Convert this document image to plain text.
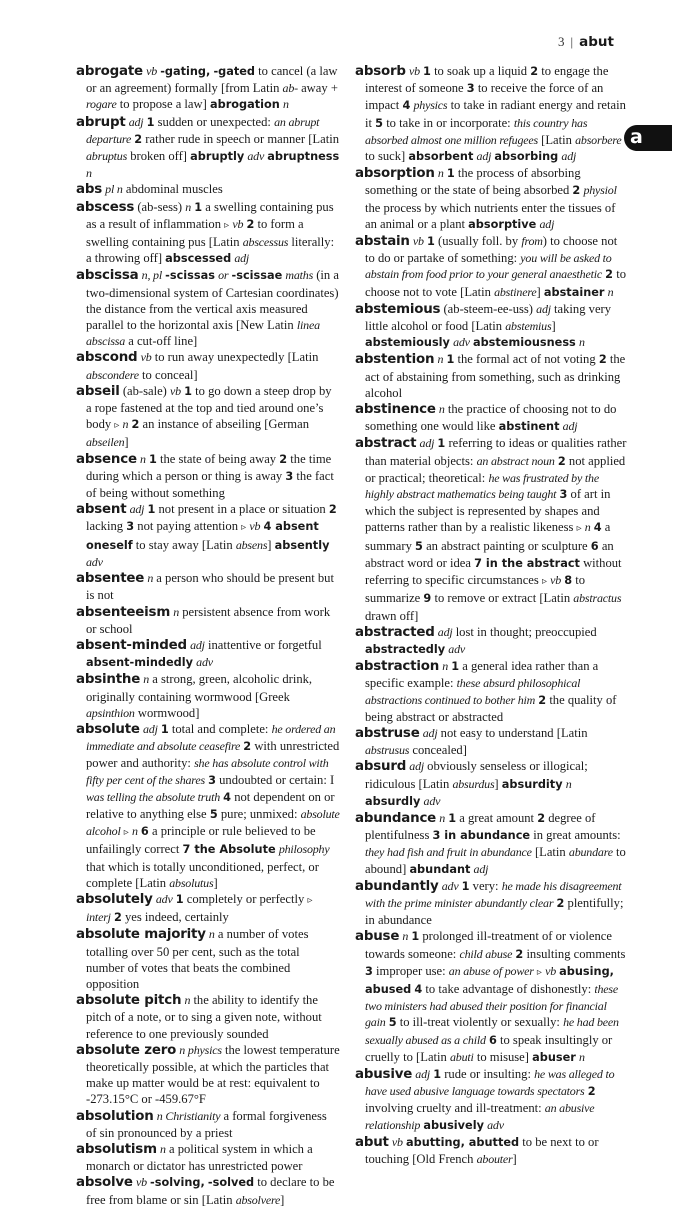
3 | abut
a

abrogate vb -gating, -gated to cancel (a law or an agreement) formally [from Latin ab- away + rogare to propose a law] abrogation n

abrupt adj 1 sudden or unexpected: an abrupt departure 2 rather rude in speech or manner [Latin abruptus broken off] abruptly adv abruptness n

abs pl n abdominal muscles

abscess (ab-sess) n 1 a swelling containing pus as a result of inflammation ▹ vb 2 to form a swelling containing pus [Latin abscessus literally: a throwing off] abscessed adj

abscissa n, pl -scissas or -scissae maths (in a two-dimensional system of Cartesian coordinates) the distance from the vertical axis measured parallel to the horizontal axis [New Latin linea abscissa a cut-off line]

abscond vb to run away unexpectedly [Latin abscondere to conceal]

abseil (ab-sale) vb 1 to go down a steep drop by a rope fastened at the top and tied around one’s body ▹ n 2 an instance of abseiling [German abseilen]

absence n 1 the state of being away 2 the time during which a person or thing is away 3 the fact of being without something

absent adj 1 not present in a place or situation 2 lacking 3 not paying attention ▹ vb 4 absent oneself to stay away [Latin absens] absently adv

absentee n a person who should be present but is not

absenteeism n persistent absence from work or school

absent-minded adj inattentive or forgetful absent-mindedly adv

absinthe n a strong, green, alcoholic drink, originally containing wormwood [Greek apsinthion wormwood]

absolute adj 1 total and complete: he ordered an immediate and absolute ceasefire 2 with unrestricted power and authority: she has absolute control with fifty per cent of the shares 3 undoubted or certain: I was telling the absolute truth 4 not dependent on or relative to anything else 5 pure; unmixed: absolute alcohol ▹ n 6 a principle or rule believed to be unfailingly correct 7 the Absolute philosophy that which is totally unconditioned, perfect, or complete [Latin absolutus]

absolutely adv 1 completely or perfectly ▹ interj 2 yes indeed, certainly

absolute majority n a number of votes totalling over 50 per cent, such as the total number of votes that beats the combined opposition

absolute pitch n the ability to identify the pitch of a note, or to sing a given note, without reference to one previously sounded

absolute zero n physics the lowest temperature theoretically possible, at which the particles that make up matter would be at rest: equivalent to -273.15°C or -459.67°F

absolution n Christianity a formal forgiveness of sin pronounced by a priest

absolutism n a political system in which a monarch or dictator has unrestricted power

absolve vb -solving, -solved to declare to be free from blame or sin [Latin absolvere]

absorb vb 1 to soak up a liquid 2 to engage the interest of someone 3 to receive the force of an impact 4 physics to take in radiant energy and retain it 5 to take in or incorporate: this country has absorbed almost one million refugees [Latin absorbere to suck] absorbent adj absorbing adj

absorption n 1 the process of absorbing something or the state of being absorbed 2 physiol the process by which nutrients enter the tissues of an animal or a plant absorptive adj

abstain vb 1 (usually foll. by from) to choose not to do or partake of something: you will be asked to abstain from food prior to your general anaesthetic 2 to choose not to vote [Latin abstinere] abstainer n

abstemious (ab-steem-ee-uss) adj taking very little alcohol or food [Latin abstemius] abstemiously adv abstemiousness n

abstention n 1 the formal act of not voting 2 the act of abstaining from something, such as drinking alcohol

abstinence n the practice of choosing not to do something one would like abstinent adj

abstract adj 1 referring to ideas or qualities rather than material objects: an abstract noun 2 not applied or practical; theoretical: he was frustrated by the highly abstract mathematics being taught 3 of art in which the subject is represented by shapes and patterns rather than by a realistic likeness ▹ n 4 a summary 5 an abstract painting or sculpture 6 an abstract word or idea 7 in the abstract without referring to specific circumstances ▹ vb 8 to summarize 9 to remove or extract [Latin abstractus drawn off]

abstracted adj lost in thought; preoccupied abstractedly adv

abstraction n 1 a general idea rather than a specific example: these absurd philosophical abstractions continued to bother him 2 the quality of being abstract or abstracted

abstruse adj not easy to understand [Latin abstrusus concealed]

absurd adj obviously senseless or illogical; ridiculous [Latin absurdus] absurdity n absurdly adv

abundance n 1 a great amount 2 degree of plentifulness 3 in abundance in great amounts: they had fish and fruit in abundance [Latin abundare to abound] abundant adj

abundantly adv 1 very: he made his disagreement with the prime minister abundantly clear 2 plentifully; in abundance

abuse n 1 prolonged ill-treatment of or violence towards someone: child abuse 2 insulting comments 3 improper use: an abuse of power ▹ vb abusing, abused 4 to take advantage of dishonestly: these two ministers had abused their position for financial gain 5 to ill-treat violently or sexually: he had been sexually abused as a child 6 to speak insultingly or cruelly to [Latin abuti to misuse] abuser n

abusive adj 1 rude or insulting: he was alleged to have used abusive language towards spectators 2 involving cruelty and ill-treatment: an abusive relationship abusively adv

abut vb abutting, abutted to be next to or touching [Old French abouter]
